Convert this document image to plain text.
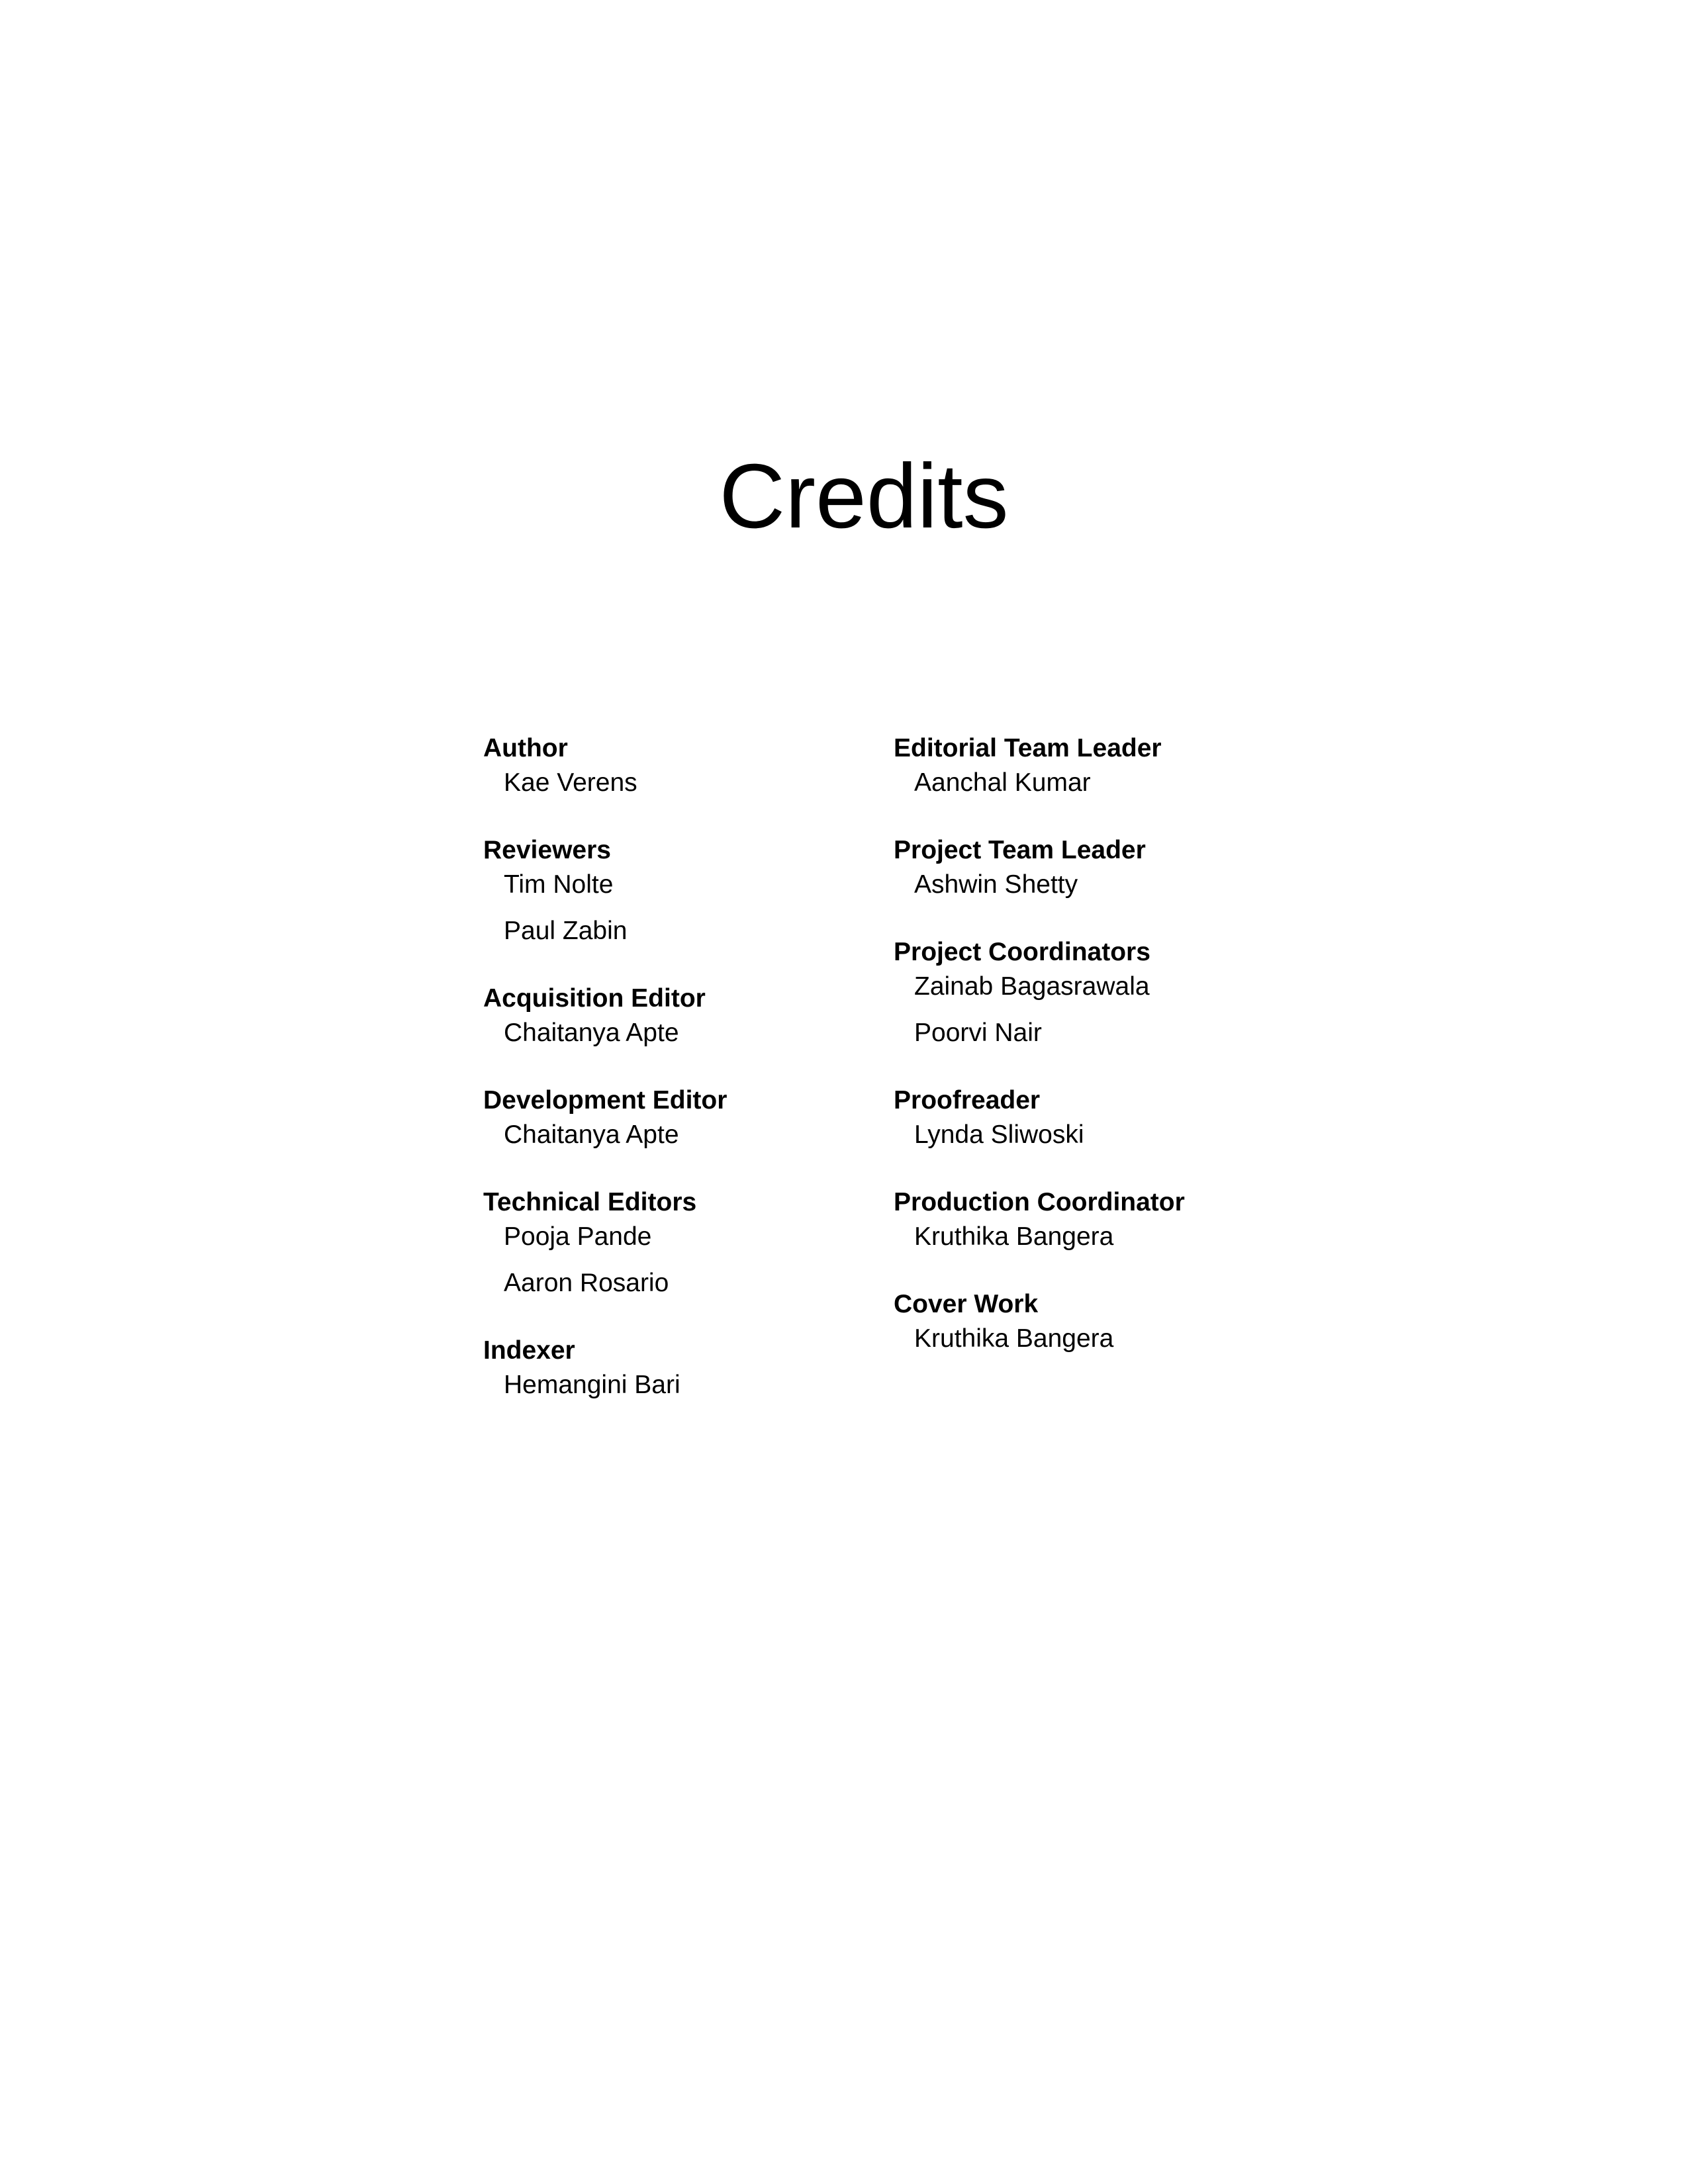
Credits
Author
Kae Verens
Reviewers
Tim Nolte
Paul Zabin
Acquisition Editor
Chaitanya Apte
Development Editor
Chaitanya Apte
Technical Editors
Pooja Pande
Aaron Rosario
Indexer
Hemangini Bari
Editorial Team Leader
Aanchal Kumar
Project Team Leader
Ashwin Shetty
Project Coordinators
Zainab Bagasrawala
Poorvi Nair
Proofreader
Lynda Sliwoski
Production Coordinator
Kruthika Bangera
Cover Work
Kruthika Bangera
